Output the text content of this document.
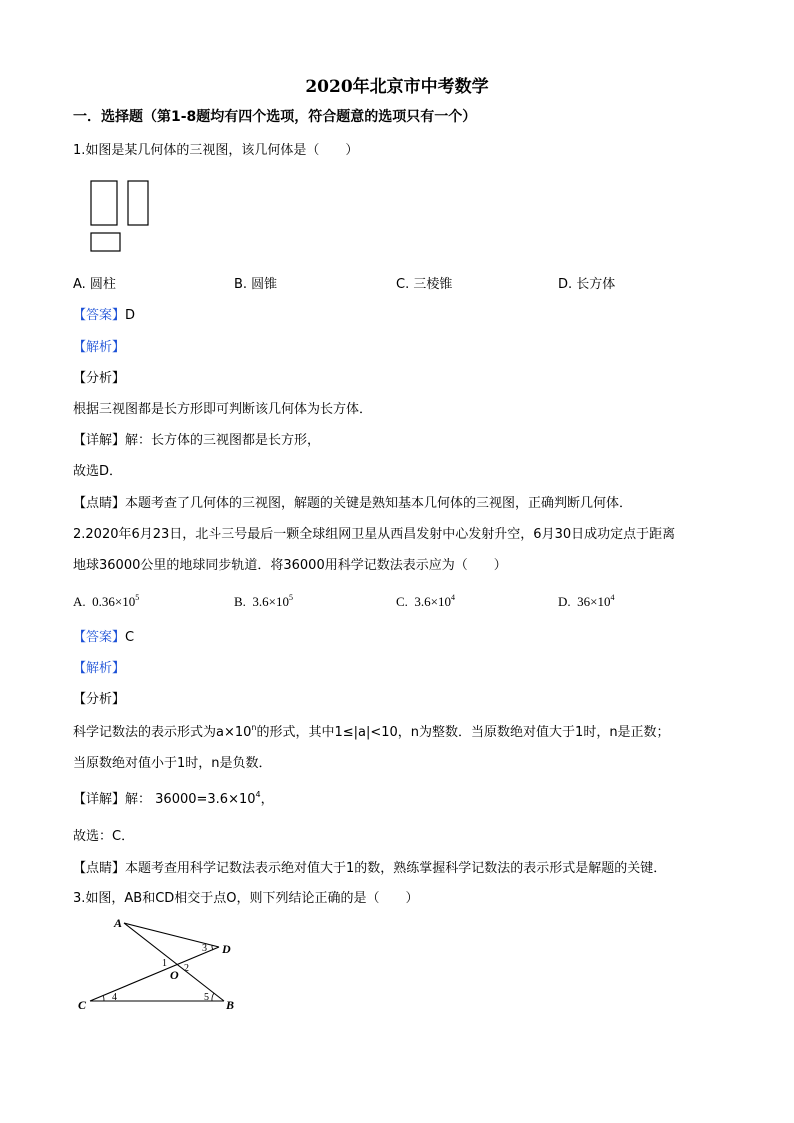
2020年北京市中考数学
一．选择题（第1-8题均有四个选项，符合题意的选项只有一个）
1.如图是某几何体的三视图，该几何体是（　　）
A. 圆柱	B. 圆锥	C. 三棱锥	D. 长方体
【答案】D
【解析】
【分析】
根据三视图都是长方形即可判断该几何体为长方体．
【详解】解：长方体的三视图都是长方形，
故选D．
【点睛】本题考查了几何体的三视图，解题的关键是熟知基本几何体的三视图，正确判断几何体．
2.2020年6月23日，北斗三号最后一颗全球组网卫星从西昌发射中心发射升空，6月30日成功定点于距离
地球36000公里的地球同步轨道．将36000用科学记数法表示应为（　　）
A. $0.36\times 10^5$	B. $3.6\times 10^5$	C. $3.6\times 10^4$	D. $36\times 10^4$
【答案】C
【解析】
【分析】
科学记数法的表示形式为$a\times 10^n$的形式，其中1≤|a|<10，n为整数．当原数绝对值大于1时，n是正数；
当原数绝对值小于1时，n是负数．
【详解】解： $36000=3.6\times 10^4$，
故选：C．
【点睛】本题考查用科学记数法表示绝对值大于1的数，熟练掌握科学记数法的表示形式是解题的关键．
3.如图，AB和CD相交于点O，则下列结论正确的是（　　）
A
D
O
C	B
3
1 2
4	5
